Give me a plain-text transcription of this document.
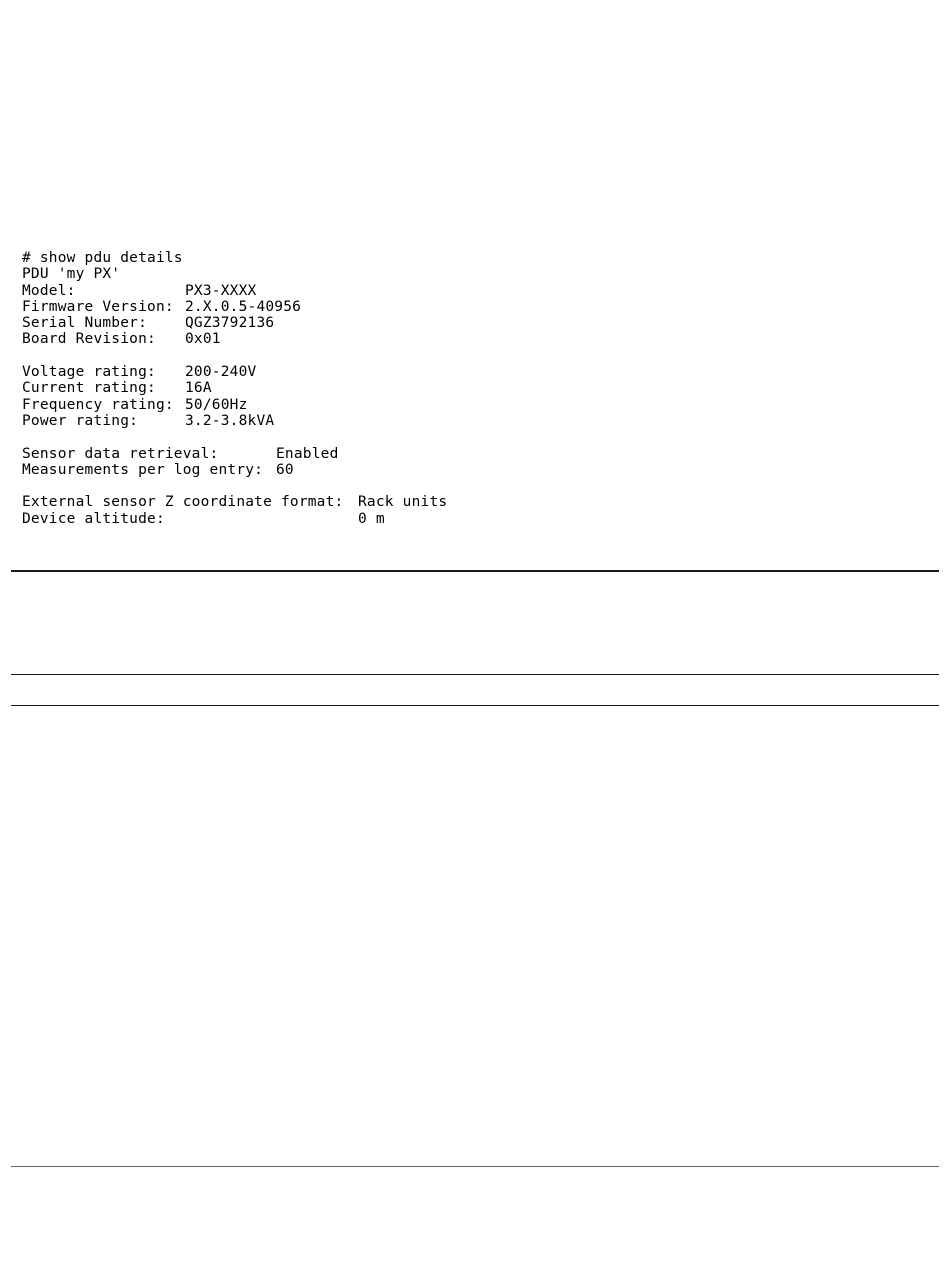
# show pdu details
PDU 'my PX'
Model:	PX3-XXXX
Firmware Version: 2.X.0.5-40956
Serial Number:	QGZ3792136
Board Revision: 0x01
Voltage rating: 200-240V
Current rating: 16A
Frequency rating: 50/60Hz
Power rating:	3.2-3.8kVA
Sensor data retrieval:	Enabled
Measurements per log entry: 60
External sensor Z coordinate format: Rack units
Device altitude:	0 m
